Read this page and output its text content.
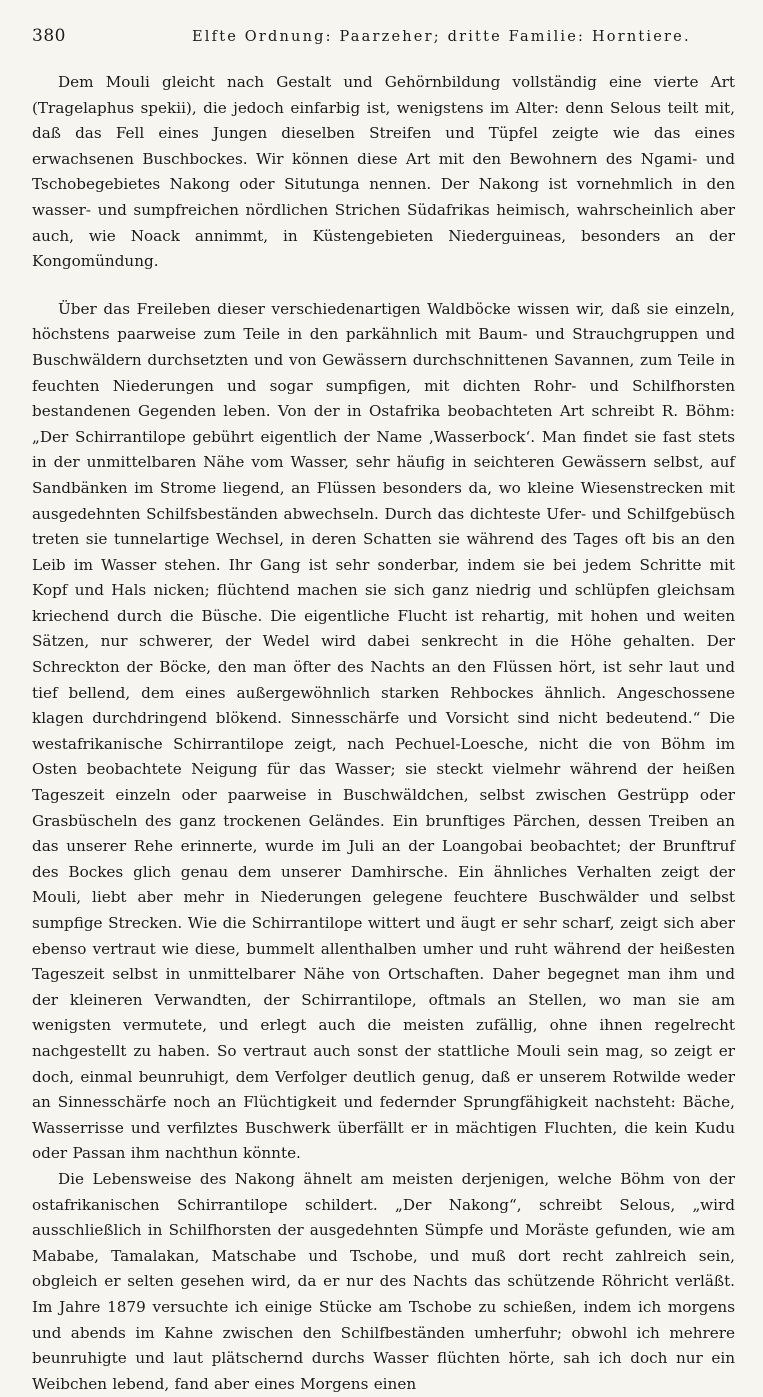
380	Elfte Ordnung: Paarzeher; dritte Familie: Horntiere.

Dem Mouli gleicht nach Gestalt und Gehörnbildung vollständig eine vierte Art (Tragelaphus spekii), die jedoch einfarbig ist, wenigstens im Alter: denn Selous teilt mit, daß das Fell eines Jungen dieselben Streifen und Tüpfel zeigte wie das eines erwachsenen Buschbockes. Wir können diese Art mit den Bewohnern des Ngami- und Tschobegebietes Nakong oder Situtunga nennen. Der Nakong ist vornehmlich in den wasser- und sumpfreichen nördlichen Strichen Südafrikas heimisch, wahrscheinlich aber auch, wie Noack annimmt, in Küstengebieten Niederguineas, besonders an der Kongomündung.

Über das Freileben dieser verschiedenartigen Waldböcke wissen wir, daß sie einzeln, höchstens paarweise zum Teile in den parkähnlich mit Baum- und Strauchgruppen und Buschwäldern durchsetzten und von Gewässern durchschnittenen Savannen, zum Teile in feuchten Niederungen und sogar sumpfigen, mit dichten Rohr- und Schilfhorsten bestandenen Gegenden leben. Von der in Ostafrika beobachteten Art schreibt R. Böhm: „Der Schirrantilope gebührt eigentlich der Name ‚Wasserbock‘. Man findet sie fast stets in der unmittelbaren Nähe vom Wasser, sehr häufig in seichteren Gewässern selbst, auf Sandbänken im Strome liegend, an Flüssen besonders da, wo kleine Wiesenstrecken mit ausgedehnten Schilfsbeständen abwechseln. Durch das dichteste Ufer- und Schilfgebüsch treten sie tunnelartige Wechsel, in deren Schatten sie während des Tages oft bis an den Leib im Wasser stehen. Ihr Gang ist sehr sonderbar, indem sie bei jedem Schritte mit Kopf und Hals nicken; flüchtend machen sie sich ganz niedrig und schlüpfen gleichsam kriechend durch die Büsche. Die eigentliche Flucht ist rehartig, mit hohen und weiten Sätzen, nur schwerer, der Wedel wird dabei senkrecht in die Höhe gehalten. Der Schreckton der Böcke, den man öfter des Nachts an den Flüssen hört, ist sehr laut und tief bellend, dem eines außergewöhnlich starken Rehbockes ähnlich. Angeschossene klagen durchdringend blökend. Sinnesschärfe und Vorsicht sind nicht bedeutend.“ Die westafrikanische Schirrantilope zeigt, nach Pechuel-Loesche, nicht die von Böhm im Osten beobachtete Neigung für das Wasser; sie steckt vielmehr während der heißen Tageszeit einzeln oder paarweise in Buschwäldchen, selbst zwischen Gestrüpp oder Grasbüscheln des ganz trockenen Geländes. Ein brunftiges Pärchen, dessen Treiben an das unserer Rehe erinnerte, wurde im Juli an der Loangobai beobachtet; der Brunftruf des Bockes glich genau dem unserer Damhirsche. Ein ähnliches Verhalten zeigt der Mouli, liebt aber mehr in Niederungen gelegene feuchtere Buschwälder und selbst sumpfige Strecken. Wie die Schirrantilope wittert und äugt er sehr scharf, zeigt sich aber ebenso vertraut wie diese, bummelt allenthalben umher und ruht während der heißesten Tageszeit selbst in unmittelbarer Nähe von Ortschaften. Daher begegnet man ihm und der kleineren Verwandten, der Schirrantilope, oftmals an Stellen, wo man sie am wenigsten vermutete, und erlegt auch die meisten zufällig, ohne ihnen regelrecht nachgestellt zu haben. So vertraut auch sonst der stattliche Mouli sein mag, so zeigt er doch, einmal beunruhigt, dem Verfolger deutlich genug, daß er unserem Rotwilde weder an Sinnesschärfe noch an Flüchtigkeit und federnder Sprungfähigkeit nachsteht: Bäche, Wasserrisse und verfilztes Buschwerk überfällt er in mächtigen Fluchten, die kein Kudu oder Passan ihm nachthun könnte.

Die Lebensweise des Nakong ähnelt am meisten derjenigen, welche Böhm von der ostafrikanischen Schirrantilope schildert. „Der Nakong“, schreibt Selous, „wird ausschließlich in Schilfhorsten der ausgedehnten Sümpfe und Moräste gefunden, wie am Mababe, Tamalakan, Matschabe und Tschobe, und muß dort recht zahlreich sein, obgleich er selten gesehen wird, da er nur des Nachts das schützende Röhricht verläßt. Im Jahre 1879 versuchte ich einige Stücke am Tschobe zu schießen, indem ich morgens und abends im Kahne zwischen den Schilfbeständen umherfuhr; obwohl ich mehrere beunruhigte und laut plätschernd durchs Wasser flüchten hörte, sah ich doch nur ein Weibchen lebend, fand aber eines Morgens einen
